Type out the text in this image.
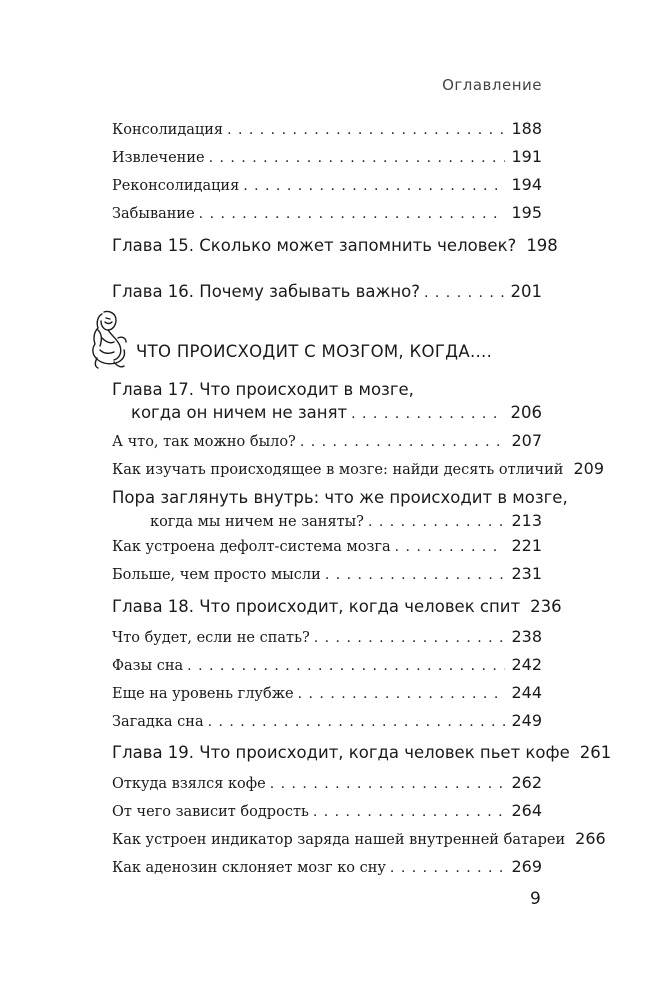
Оглавление
Консолидация . . .	188
Извлечение . . .	191
Реконсолидация . . .	194
Забывание . . .	195
Глава 15. Сколько может запомнить человек? 198
Глава 16. Почему забывать важно? . . .	201
ЧТО ПРОИСХОДИТ С МОЗГОМ, КОГДА....
Глава 17. Что происходит в мозге,
когда он ничем не занят . . .	206
А что, так можно было? . . .	207
Как изучать происходящее в мозге: найди десять отличий 209
Пора заглянуть внутрь: что же происходит в мозге,
когда мы ничем не заняты? . . .	213
Как устроена дефолт-система мозга . . .	221
Больше, чем просто мысли . . .	231
Глава 18. Что происходит, когда человек спит 236
Что будет, если не спать? . . .	238
Фазы сна . . .	242
Еще на уровень глубже . . .	244
Загадка сна . . .	249
Глава 19. Что происходит, когда человек пьет кофе 261
Откуда взялся кофе . . .	262
От чего зависит бодрость . . .	264
Как устроен индикатор заряда нашей внутренней батареи 266
Как аденозин склоняет мозг ко сну . . .	269
9
